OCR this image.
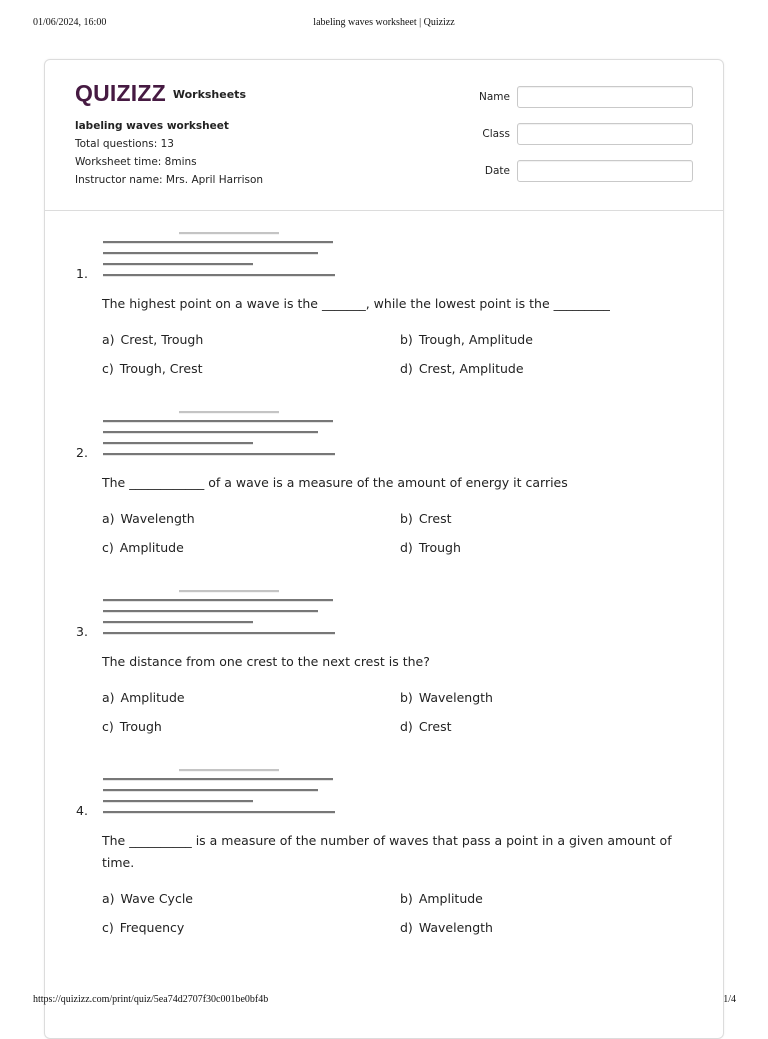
01/06/2024, 16:00	labeling waves worksheet | Quizizz
QUIZIZZ Worksheets
labeling waves worksheet
Total questions: 13
Worksheet time: 8mins
Instructor name: Mrs. April Harrison
Name
Class
Date
1.
The highest point on a wave is the _______, while the lowest point is the _________
a) Crest, Trough	b) Trough, Amplitude
c) Trough, Crest	d) Crest, Amplitude
2.
The ____________ of a wave is a measure of the amount of energy it carries
a) Wavelength	b) Crest
c) Amplitude	d) Trough
3.
The distance from one crest to the next crest is the?
a) Amplitude	b) Wavelength
c) Trough	d) Crest
4.
The __________ is a measure of the number of waves that pass a point in a given amount of time.
a) Wave Cycle	b) Amplitude
c) Frequency	d) Wavelength
https://quizizz.com/print/quiz/5ea74d2707f30c001be0bf4b	1/4
